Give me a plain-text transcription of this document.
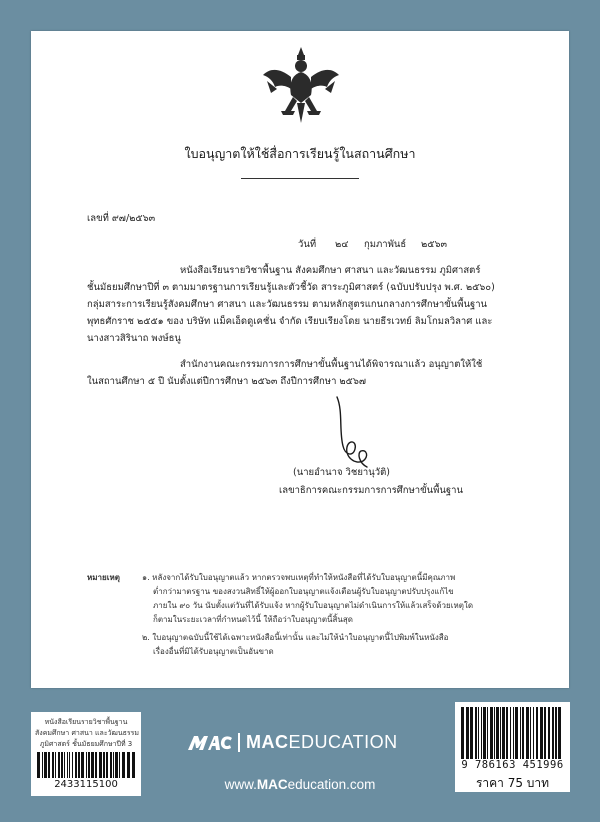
ใบอนุญาตให้ใช้สื่อการเรียนรู้ในสถานศึกษา
เลขที่ ๙๗/๒๕๖๓
วันที่ ๒๔ กุมภาพันธ์ ๒๕๖๓
หนังสือเรียนรายวิชาพื้นฐาน สังคมศึกษา ศาสนา และวัฒนธรรม ภูมิศาสตร์
ชั้นมัธยมศึกษาปีที่ ๓ ตามมาตรฐานการเรียนรู้และตัวชี้วัด สาระภูมิศาสตร์ (ฉบับปรับปรุง พ.ศ. ๒๕๖๐)
กลุ่มสาระการเรียนรู้สังคมศึกษา ศาสนา และวัฒนธรรม ตามหลักสูตรแกนกลางการศึกษาขั้นพื้นฐาน
พุทธศักราช ๒๕๕๑ ของ บริษัท แม็คเอ็ดดูเคชั่น จำกัด เรียบเรียงโดย นายธีรเวทย์ ลิมโกมลวิลาศ และ
นางสาวสิรินาถ พงษ์ธนู
สำนักงานคณะกรรมการการศึกษาขั้นพื้นฐานได้พิจารณาแล้ว อนุญาตให้ใช้
ในสถานศึกษา ๕ ปี นับตั้งแต่ปีการศึกษา ๒๕๖๓ ถึงปีการศึกษา ๒๕๖๗
(นายอำนาจ วิชยานุวัติ)
เลขาธิการคณะกรรมการการศึกษาขั้นพื้นฐาน
หมายเหตุ	๑. หลังจากได้รับใบอนุญาตแล้ว หากตรวจพบเหตุที่ทำให้หนังสือที่ได้รับใบอนุญาตนี้มีคุณภาพ
ต่ำกว่ามาตรฐาน ของสงวนสิทธิ์ให้ผู้ออกใบอนุญาตแจ้งเตือนผู้รับใบอนุญาตปรับปรุงแก้ไข
ภายใน ๙๐ วัน นับตั้งแต่วันที่ได้รับแจ้ง หากผู้รับใบอนุญาตไม่ดำเนินการให้แล้วเสร็จด้วยเหตุใด
ก็ตามในระยะเวลาที่กำหนดไว้นี้ ให้ถือว่าใบอนุญาตนี้สิ้นสุด
๒. ใบอนุญาตฉบับนี้ใช้ได้เฉพาะหนังสือนี้เท่านั้น และไม่ให้นำใบอนุญาตนี้ไปพิมพ์ในหนังสือ
เรื่องอื่นที่มิได้รับอนุญาตเป็นอันขาด
หนังสือเรียนรายวิชาพื้นฐาน
สังคมศึกษา ศาสนา และวัฒนธรรม
ภูมิศาสตร์ ชั้นมัธยมศึกษาปีที่ 3
2433115100
MACEDUCATION
www.MACeducation.com
9 786163 451996
ราคา 75 บาท
